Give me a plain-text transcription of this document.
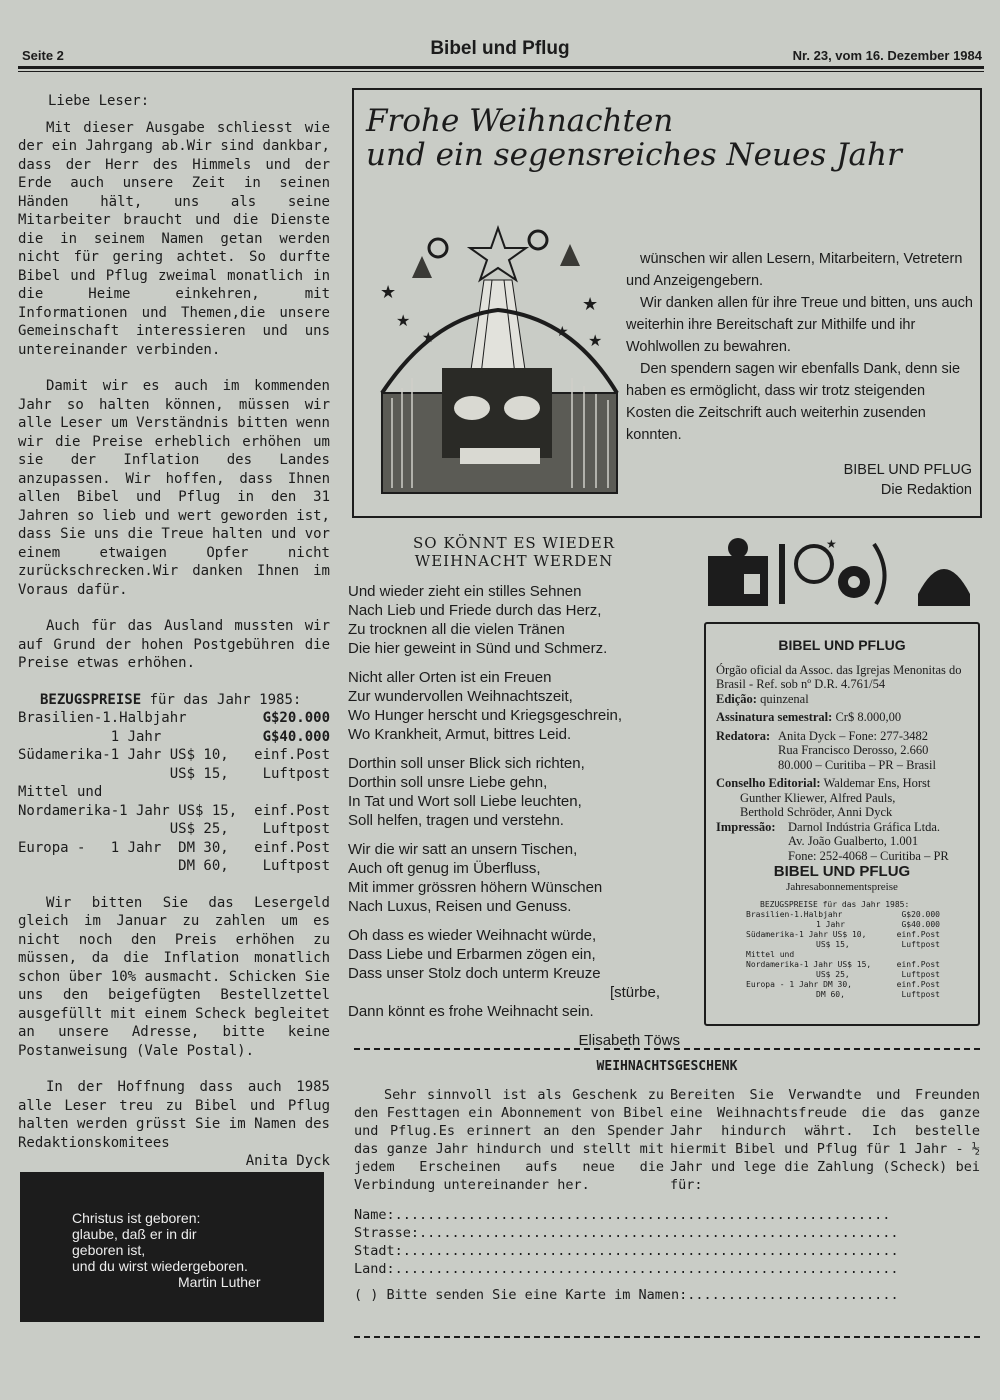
Seite 2	Bibel und Pflug	Nr. 23, vom 16. Dezember 1984

Liebe Leser:

Mit dieser Ausgabe schliesst wie der ein Jahrgang ab.Wir sind dankbar, dass der Herr des Himmels und der Erde auch unsere Zeit in seinen Händen hält, uns als seine Mitarbeiter braucht und die Dienste die in seinem Namen getan werden nicht für gering achtet. So durfte Bibel und Pflug zweimal monatlich in die Heime einkehren, mit Informationen und Themen,die unsere Gemeinschaft interessieren und uns untereinander verbinden.

Damit wir es auch im kommenden Jahr so halten können, müssen wir alle Leser um Verständnis bitten wenn wir die Preise erheblich erhöhen um sie der Inflation des Landes anzupassen. Wir hoffen, dass Ihnen allen Bibel und Pflug in den 31 Jahren so lieb und wert geworden ist, dass Sie uns die Treue halten und vor einem etwaigen Opfer nicht zurückschrecken.Wir danken Ihnen im Voraus dafür.

Auch für das Ausland mussten wir auf Grund der hohen Postgebühren die Preise etwas erhöhen.

BEZUGSPREISE für das Jahr 1985:
Brasilien-1.Halbjahr	G$20.000
1 Jahr	G$40.000
Südamerika-1 Jahr US$ 10, einf.Post
US$ 15, Luftpost
Mittel und
Nordamerika-1 Jahr US$ 15, einf.Post
US$ 25, Luftpost
Europa -   1 Jahr  DM 30, einf.Post
DM 60, Luftpost

Wir bitten Sie das Lesergeld gleich im Januar zu zahlen um es nicht noch den Preis erhöhen zu müssen, da die Inflation monatlich schon über 10% ausmacht. Schicken Sie uns den beigefügten Bestellzettel ausgefüllt mit einem Scheck begleitet an unsere Adresse, bitte keine Postanweisung (Vale Postal).

In der Hoffnung dass auch 1985 alle Leser treu zu Bibel und Pflug halten werden grüsst Sie im Namen des Redaktionskomitees

Anita Dyck
Christus ist geboren:
glaube, daß er in dir
geboren ist,
und du wirst wiedergeboren.
Martin Luther
Frohe Weihnachten
und ein segensreiches Neues Jahr
★
★
★
★
★	★

wünschen wir allen Lesern, Mitarbeitern, Vetretern und Anzeigengebern.

Wir danken allen für ihre Treue und bitten, uns auch weiterhin ihre Bereitschaft zur Mithilfe und ihr Wohlwollen zu bewahren.

Den spendern sagen wir ebenfalls Dank, denn sie haben es ermöglicht, dass wir trotz steigenden Kosten die Zeitschrift auch weiterhin zusenden konnten.

BIBEL UND PFLUG
Die Redaktion
SO KÖNNT ES WIEDER
WEIHNACHT WERDEN
Und wieder zieht ein stilles Sehnen
Nach Lieb und Friede durch das Herz,
Zu trocknen all die vielen Tränen
Die hier geweint in Sünd und Schmerz.
Nicht aller Orten ist ein Freuen
Zur wundervollen Weihnachtszeit,
Wo Hunger herscht und Kriegsgeschrein,
Wo Krankheit, Armut, bittres Leid.
Dorthin soll unser Blick sich richten,
Dorthin soll unsre Liebe gehn,
In Tat und Wort soll Liebe leuchten,
Soll helfen, tragen und verstehn.
Wir die wir satt an unsern Tischen,
Auch oft genug im Überfluss,
Mit immer grössren höhern Wünschen
Nach Luxus, Reisen und Genuss.
Oh dass es wieder Weihnacht würde,
Dass Liebe und Erbarmen zögen ein,
Dass unser Stolz doch unterm Kreuze
[stürbe,
Dann könnt es frohe Weihnacht sein.
Elisabeth Töws
★
BIBEL UND PFLUG
Órgão oficial da Assoc. das Igrejas Menonitas do Brasil - Ref. sob nº D.R. 4.761/54
Edição: quinzenal
Assinatura semestral: Cr$ 8.000,00
Redatora: Anita Dyck – Fone: 277-3482
Rua Francisco Derosso, 2.660
80.000 – Curitiba – PR – Brasil
Conselho Editorial: Waldemar Ens, Horst
Gunther Kliewer, Alfred Pauls,
Berthold Schröder, Anni Dyck
Impressão:	Darnol Indústria Gráfica Ltda.
Av. João Gualberto, 1.001
Fone: 252-4068 – Curitiba – PR
BIBEL UND PFLUG
Jahresabonnementspreise
BEZUGSPREISE für das Jahr 1985:
Brasilien-1.Halbjahr	G$20.000
1 Jahr	G$40.000
Südamerika-1 Jahr US$ 10,	einf.Post
US$ 15,	Luftpost
Mittel und
Nordamerika-1 Jahr US$ 15,	einf.Post
US$ 25,	Luftpost
Europa - 1 Jahr DM 30,	einf.Post
DM 60,	Luftpost
WEIHNACHTSGESCHENK

Sehr sinnvoll ist als Geschenk zu den Festtagen ein Abonnement von Bibel und Pflug.Es erinnert an den Spender das ganze Jahr hindurch und stellt mit jedem Erscheinen aufs neue die Verbindung untereinander her.

Bereiten Sie Verwandte und Freunden eine Weihnachtsfreude die das ganze Jahr hindurch währt. Ich bestelle hiermit Bibel und Pflug für 1 Jahr - ½ Jahr und lege die Zahlung (Scheck) bei für:

Name:.............................................................
Strasse:...........................................................
Stadt:.............................................................
Land:..............................................................
( ) Bitte senden Sie eine Karte im Namen:..........................
